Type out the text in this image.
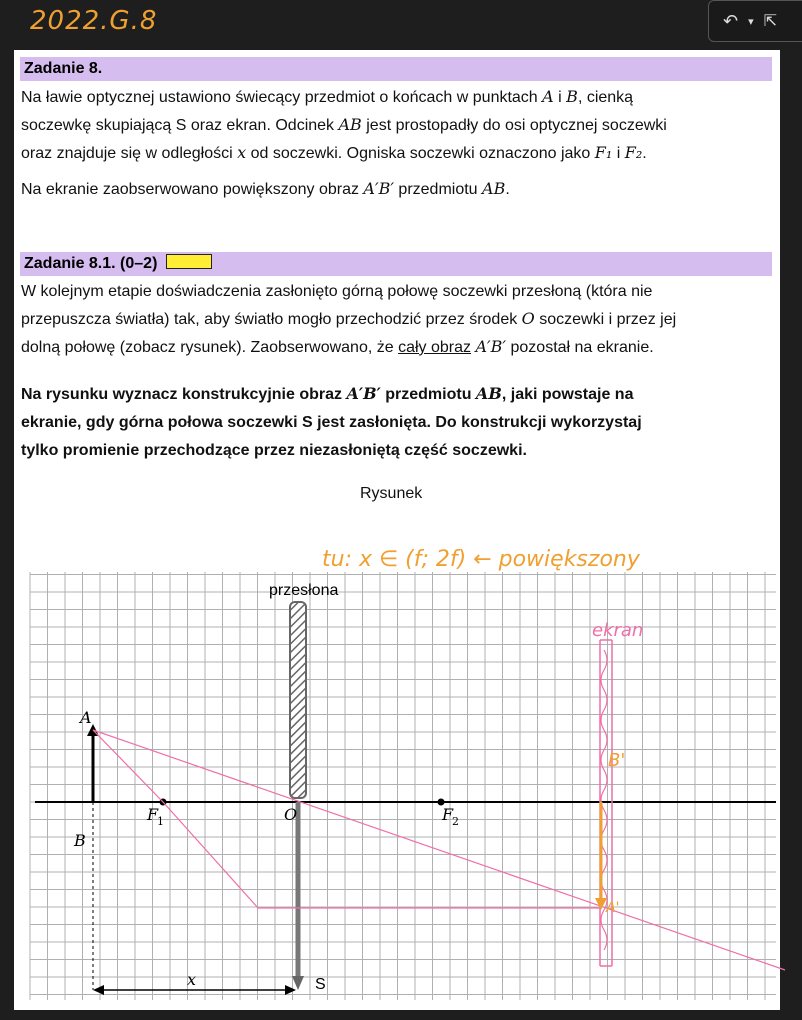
2022.G.8	↶ ▾ ⇱
Zadanie 8.
Na ławie optycznej ustawiono świecący przedmiot o końcach w punktach A i B, cienką
soczewkę skupiającą S oraz ekran. Odcinek AB jest prostopadły do osi optycznej soczewki
oraz znajduje się w odległości x od soczewki. Ogniska soczewki oznaczono jako F₁ i F₂.
Na ekranie zaobserwowano powiększony obraz A′B′ przedmiotu AB.
Zadanie 8.1. (0–2)
W kolejnym etapie doświadczenia zasłonięto górną połowę soczewki przesłoną (która nie
przepuszcza światła) tak, aby światło mogło przechodzić przez środek O soczewki i przez jej
dolną połowę (zobacz rysunek). Zaobserwowano, że cały obraz A′B′ pozostał na ekranie.
Na rysunku wyznacz konstrukcyjnie obraz A′B′ przedmiotu AB, jaki powstaje na
ekranie, gdy górna połowa soczewki S jest zasłonięta. Do konstrukcji wykorzystaj
tylko promienie przechodzące przez niezasłoniętą część soczewki.
Rysunek
przesłona
A
B
F
1	O	F
2
x	S
tu: x ∈ (f; 2f) ← powiększony
ekran
B'
A'
